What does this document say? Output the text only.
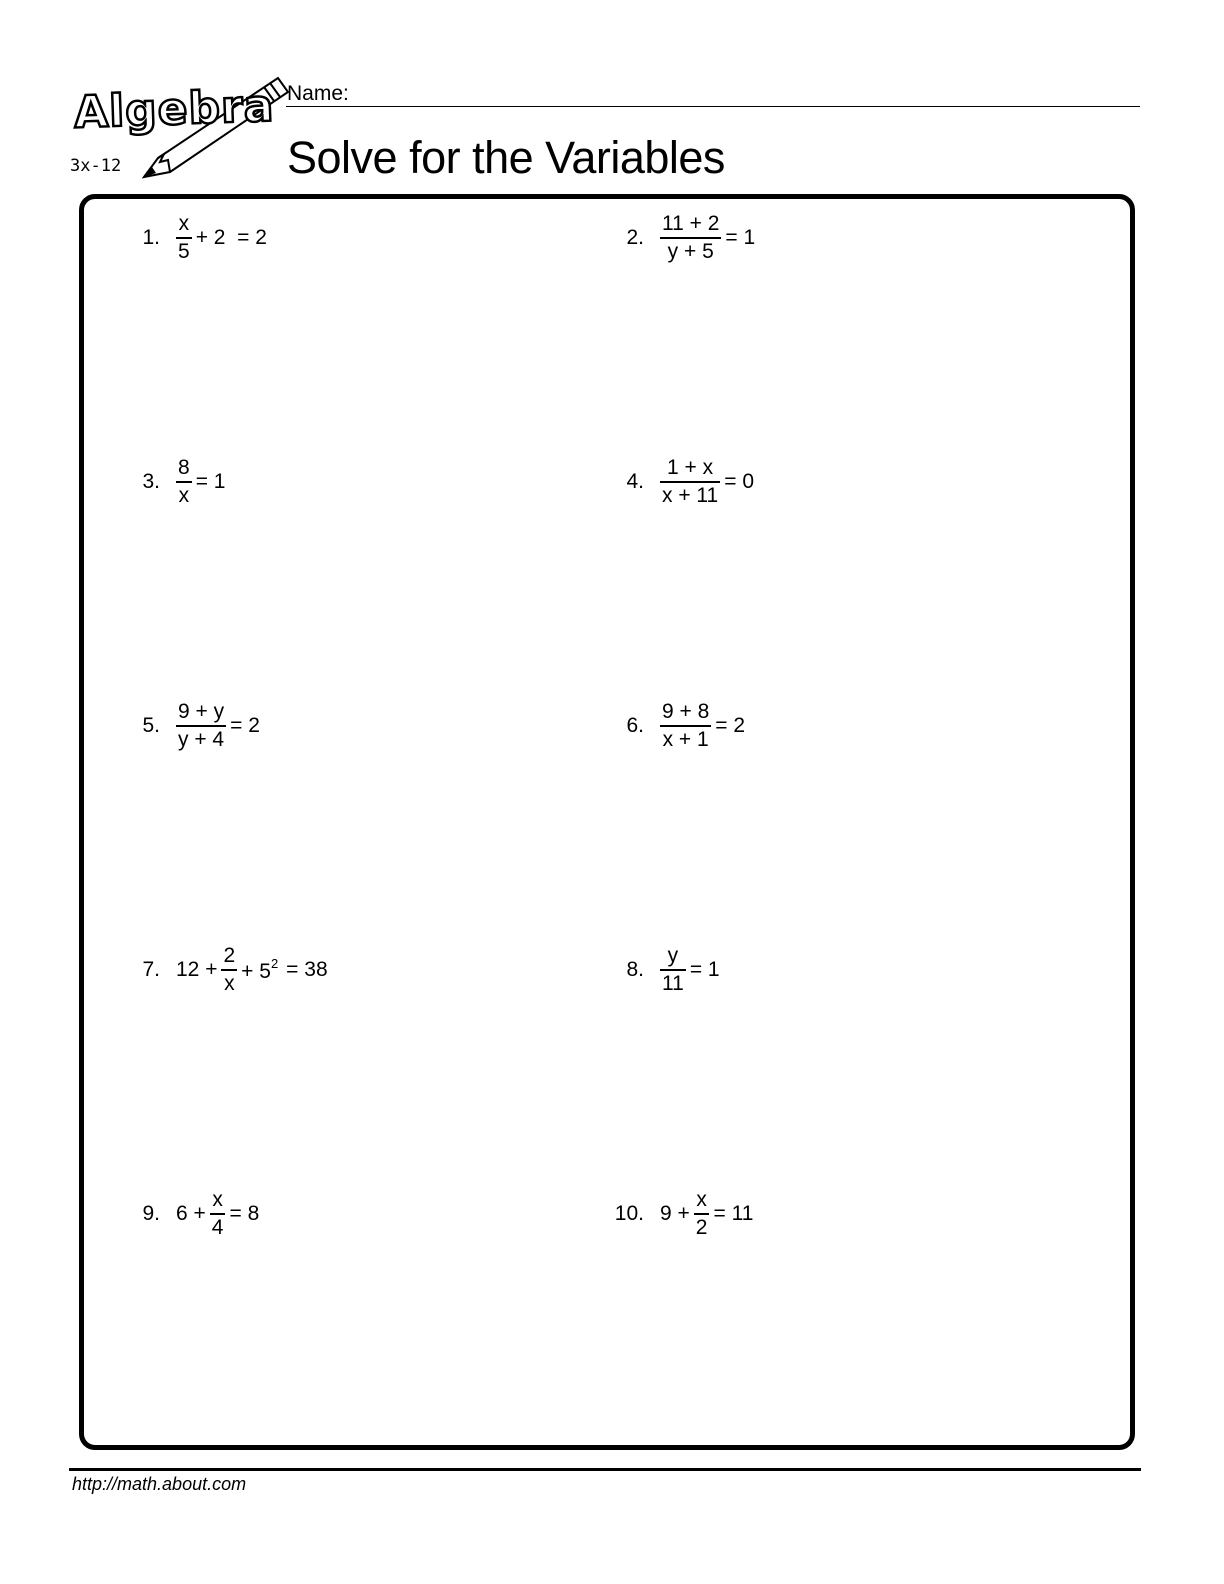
Algebra
3x-12
Name:
Solve for the Variables
1. $\frac{x}{5} + 2 = 2$	2. $\frac{11 + 2}{y + 5} = 1$
3. $\frac{8}{x} = 1$	4. $\frac{1 + x}{x + 11} = 0$
5. $\frac{9 + y}{y + 4} = 2$	6. $\frac{9 + 8}{x + 1} = 2$
7. $12 + \frac{2}{x} + 5^2 = 38$	8. $\frac{y}{11} = 1$
9. $6 + \frac{x}{4} = 8$	10. $9 + \frac{x}{2} = 11$
http://math.about.com
